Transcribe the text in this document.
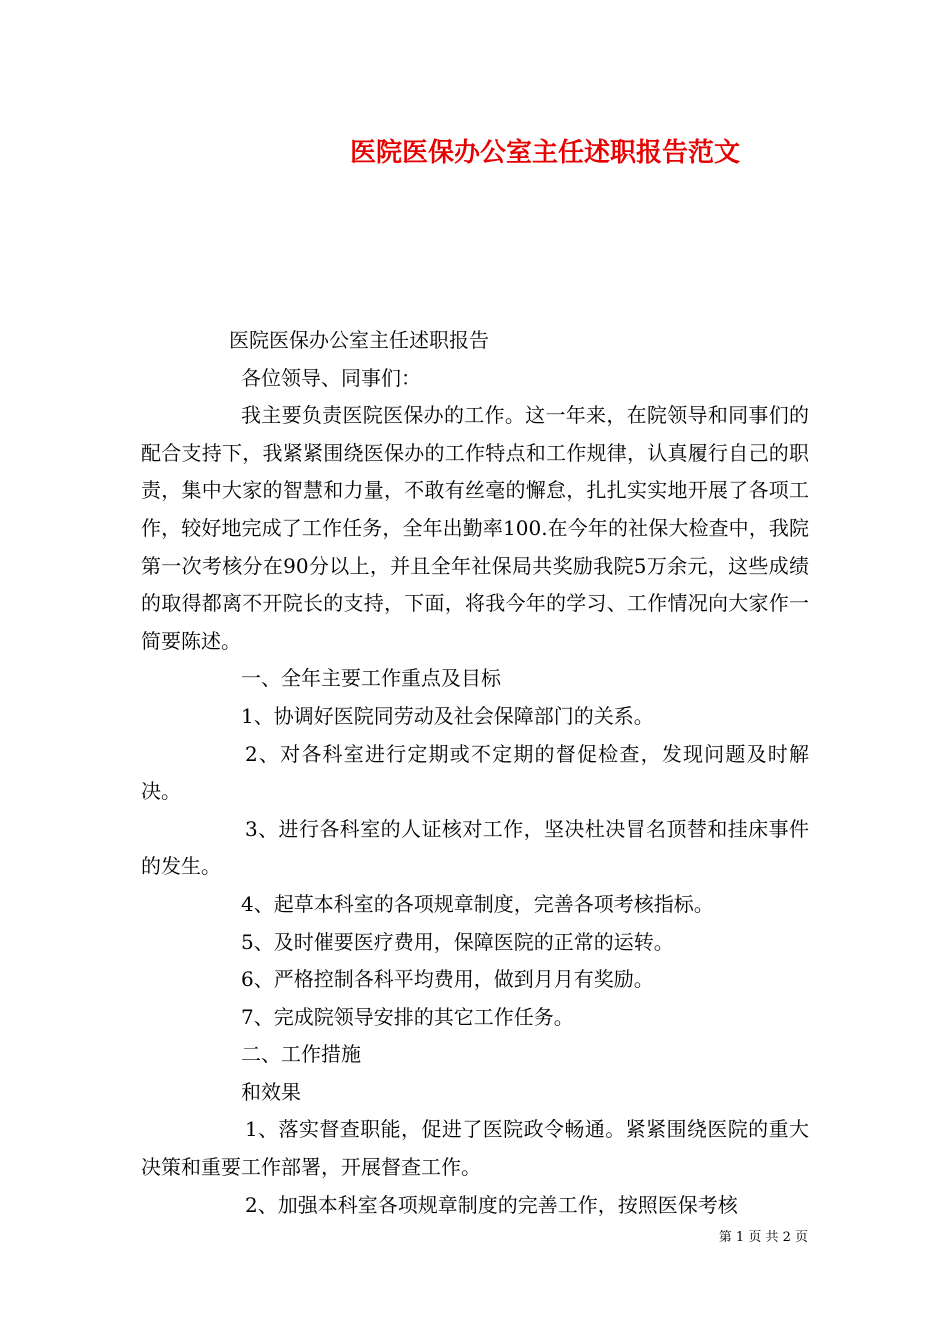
医院医保办公室主任述职报告范文

医院医保办公室主任述职报告

各位领导、同事们：

我主要负责医院医保办的工作。这一年来，在院领导和同事们的配合支持下，我紧紧围绕医保办的工作特点和工作规律，认真履行自己的职责，集中大家的智慧和力量，不敢有丝毫的懈怠，扎扎实实地开展了各项工作，较好地完成了工作任务，全年出勤率100.在今年的社保大检查中，我院第一次考核分在90分以上，并且全年社保局共奖励我院5万余元，这些成绩的取得都离不开院长的支持，下面，将我今年的学习、工作情况向大家作一简要陈述。

一、全年主要工作重点及目标

1、协调好医院同劳动及社会保障部门的关系。

2、对各科室进行定期或不定期的督促检查，发现问题及时解决。

3、进行各科室的人证核对工作，坚决杜决冒名顶替和挂床事件的发生。

4、起草本科室的各项规章制度，完善各项考核指标。

5、及时催要医疗费用，保障医院的正常的运转。

6、严格控制各科平均费用，做到月月有奖励。

7、完成院领导安排的其它工作任务。

二、工作措施

和效果

1、落实督查职能，促进了医院政令畅通。紧紧围绕医院的重大决策和重要工作部署，开展督查工作。

2、加强本科室各项规章制度的完善工作，按照医保考核

第 1 页 共 2 页
